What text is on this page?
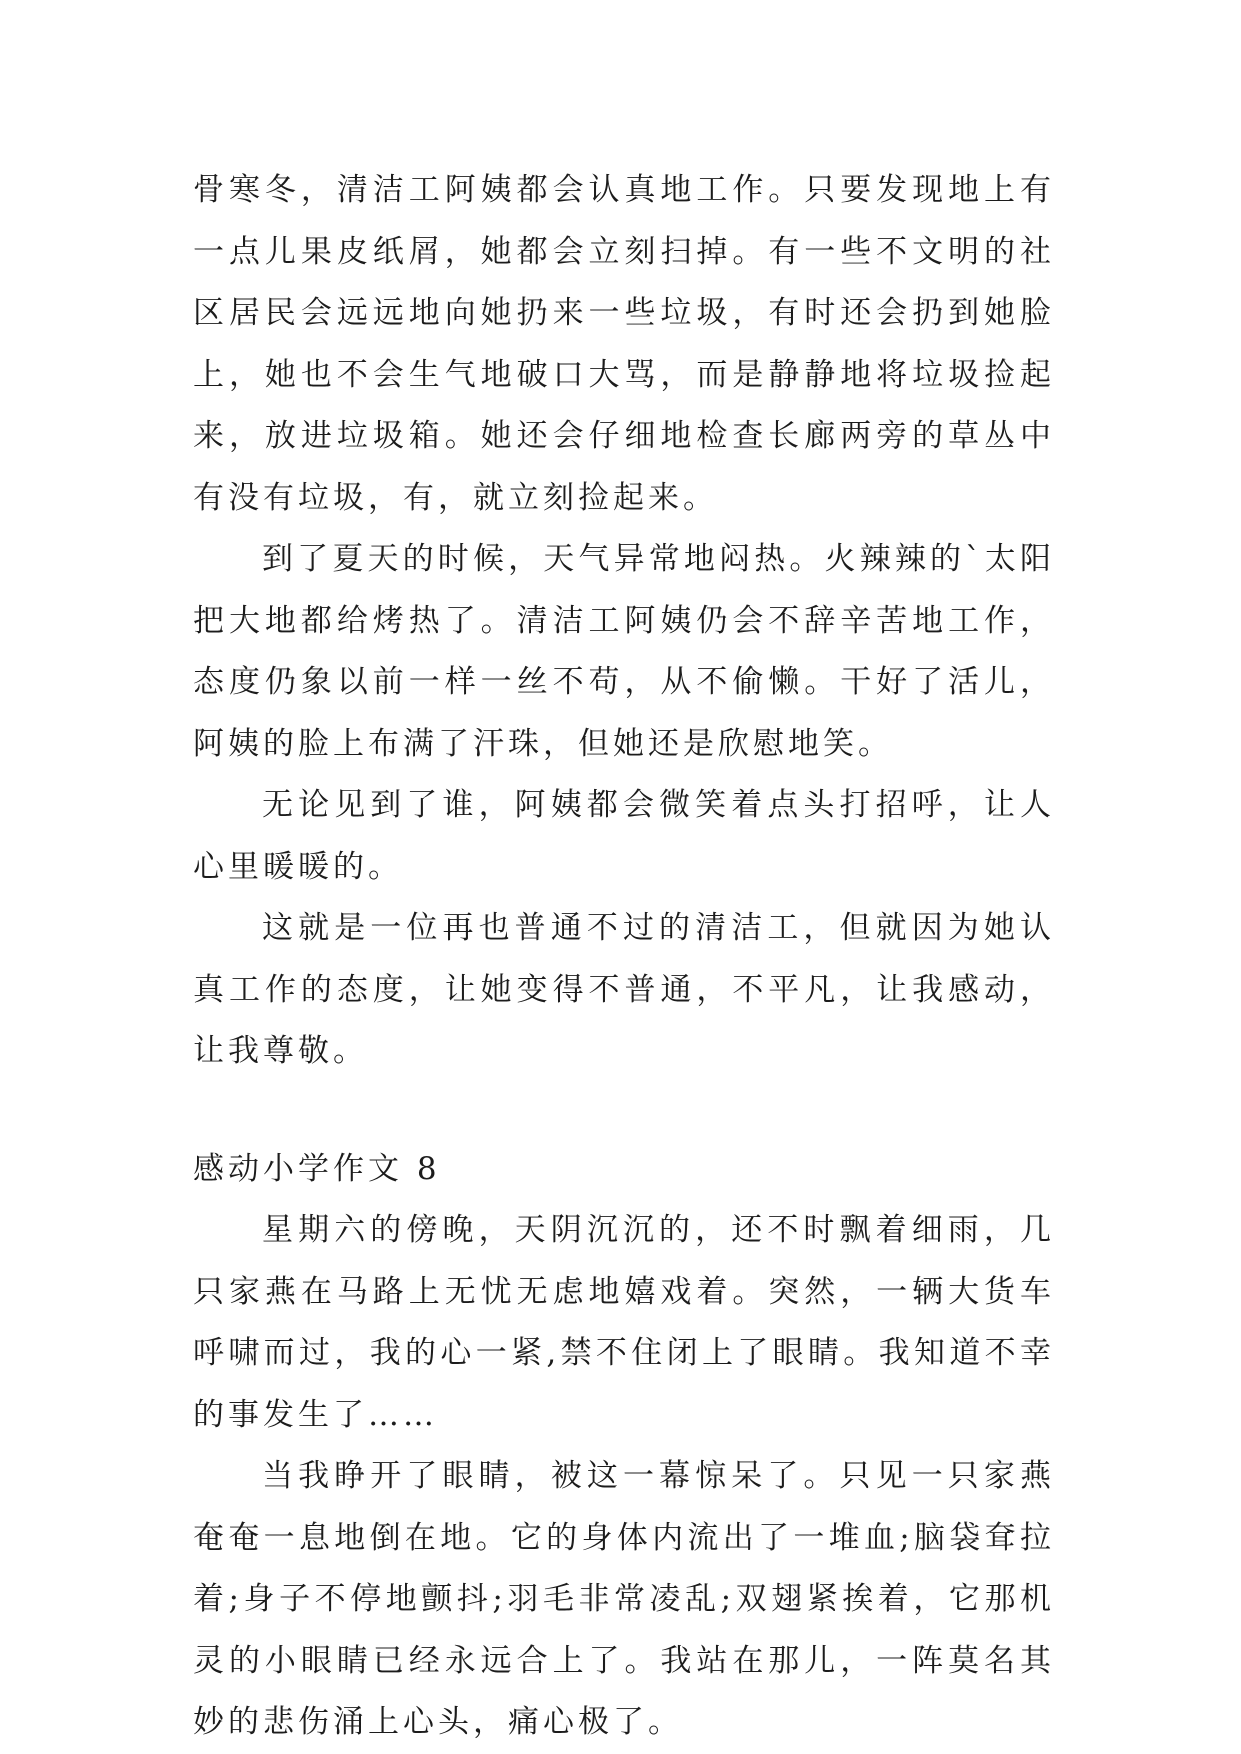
骨寒冬，清洁工阿姨都会认真地工作。只要发现地上有一点儿果皮纸屑，她都会立刻扫掉。有一些不文明的社区居民会远远地向她扔来一些垃圾，有时还会扔到她脸上，她也不会生气地破口大骂，而是静静地将垃圾捡起来，放进垃圾箱。她还会仔细地检查长廊两旁的草丛中有没有垃圾，有，就立刻捡起来。

到了夏天的时候，天气异常地闷热。火辣辣的`太阳把大地都给烤热了。清洁工阿姨仍会不辞辛苦地工作，态度仍象以前一样一丝不苟，从不偷懒。干好了活儿，阿姨的脸上布满了汗珠，但她还是欣慰地笑。

无论见到了谁，阿姨都会微笑着点头打招呼，让人心里暖暖的。

这就是一位再也普通不过的清洁工，但就因为她认真工作的态度，让她变得不普通，不平凡，让我感动，让我尊敬。

感动小学作文 8

星期六的傍晚，天阴沉沉的，还不时飘着细雨，几只家燕在马路上无忧无虑地嬉戏着。突然，一辆大货车呼啸而过，我的心一紧,禁不住闭上了眼睛。我知道不幸的事发生了……

当我睁开了眼睛，被这一幕惊呆了。只见一只家燕奄奄一息地倒在地。它的身体内流出了一堆血;脑袋耷拉着;身子不停地颤抖;羽毛非常凌乱;双翅紧挨着，它那机灵的小眼睛已经永远合上了。我站在那儿，一阵莫名其妙的悲伤涌上心头，痛心极了。
